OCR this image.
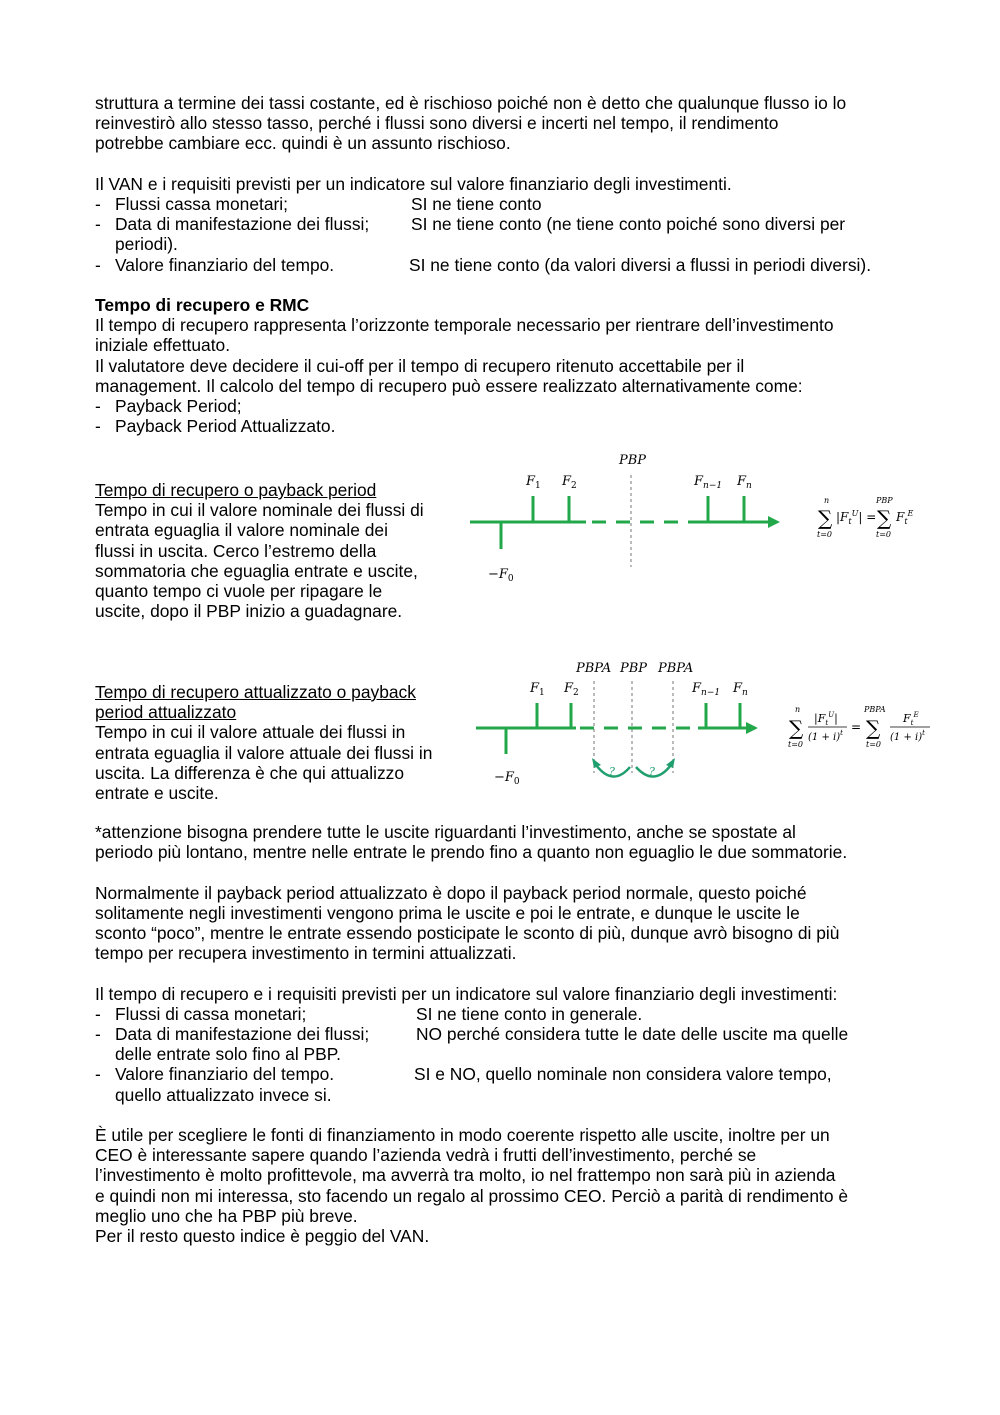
struttura a termine dei tassi costante, ed è rischioso poiché non è detto che qualunque flusso io lo

reinvestirò allo stesso tasso, perché i flussi sono diversi e incerti nel tempo, il rendimento

potrebbe cambiare ecc. quindi è un assunto rischioso.

Il VAN e i requisiti previsti per un indicatore sul valore finanziario degli investimenti.

- Flussi cassa monetari;	SI ne tiene conto
- Data di manifestazione dei flussi; SI ne tiene conto (ne tiene conto poiché sono diversi per

periodi).

- Valore finanziario del tempo.	SI ne tiene conto (da valori diversi a flussi in periodi diversi).

Tempo di recupero e RMC

Il tempo di recupero rappresenta l’orizzonte temporale necessario per rientrare dell’investimento

iniziale effettuato.

Il valutatore deve decidere il cui-off per il tempo di recupero ritenuto accettabile per il

management. Il calcolo del tempo di recupero può essere realizzato alternativamente come:

- Payback Period;
- Payback Period Attualizzato.

Tempo di recupero o payback period

Tempo in cui il valore nominale dei flussi di

entrata eguaglia il valore nominale dei

flussi in uscita. Cerco l’estremo della

sommatoria che eguaglia entrate e uscite,

quanto tempo ci vuole per ripagare le

uscite, dopo il PBP inizio a guadagnare.

PBP
$F_1$ $F_2$	$F_{n-1}$ $F_n$
$-F_0$
n
∑
t=0
$|F_t^U|$ =
PBP
∑
t=0
$F_t^E$

Tempo di recupero attualizzato o payback

period attualizzato

Tempo in cui il valore attuale dei flussi in

entrata eguaglia il valore attuale dei flussi in

uscita. La differenza è che qui attualizzo

entrate e uscite.

PBPA PBP PBPA
$F_1$ $F_2$	$F_{n-1}$ $F_n$
$-F_0$
?	?
n
∑
t=0
$|F_t^U|$
$(1 + i)^t$ =
PBPA
∑
t=0
$F_t^E$
$(1 + i)^t$

*attenzione bisogna prendere tutte le uscite riguardanti l’investimento, anche se spostate al

periodo più lontano, mentre nelle entrate le prendo fino a quanto non eguaglio le due sommatorie.

Normalmente il payback period attualizzato è dopo il payback period normale, questo poiché

solitamente negli investimenti vengono prima le uscite e poi le entrate, e dunque le uscite le

sconto “poco”, mentre le entrate essendo posticipate le sconto di più, dunque avrò bisogno di più

tempo per recupera investimento in termini attualizzati.

Il tempo di recupero e i requisiti previsti per un indicatore sul valore finanziario degli investimenti:

- Flussi di cassa monetari;	SI ne tiene conto in generale.
- Data di manifestazione dei flussi;	NO perché considera tutte le date delle uscite ma quelle

delle entrate solo fino al PBP.

- Valore finanziario del tempo.	SI e NO, quello nominale non considera valore tempo,

quello attualizzato invece si.

È utile per scegliere le fonti di finanziamento in modo coerente rispetto alle uscite, inoltre per un

CEO è interessante sapere quando l’azienda vedrà i frutti dell’investimento, perché se

l’investimento è molto profittevole, ma avverrà tra molto, io nel frattempo non sarà più in azienda

e quindi non mi interessa, sto facendo un regalo al prossimo CEO. Perciò a parità di rendimento è

meglio uno che ha PBP più breve.

Per il resto questo indice è peggio del VAN.
